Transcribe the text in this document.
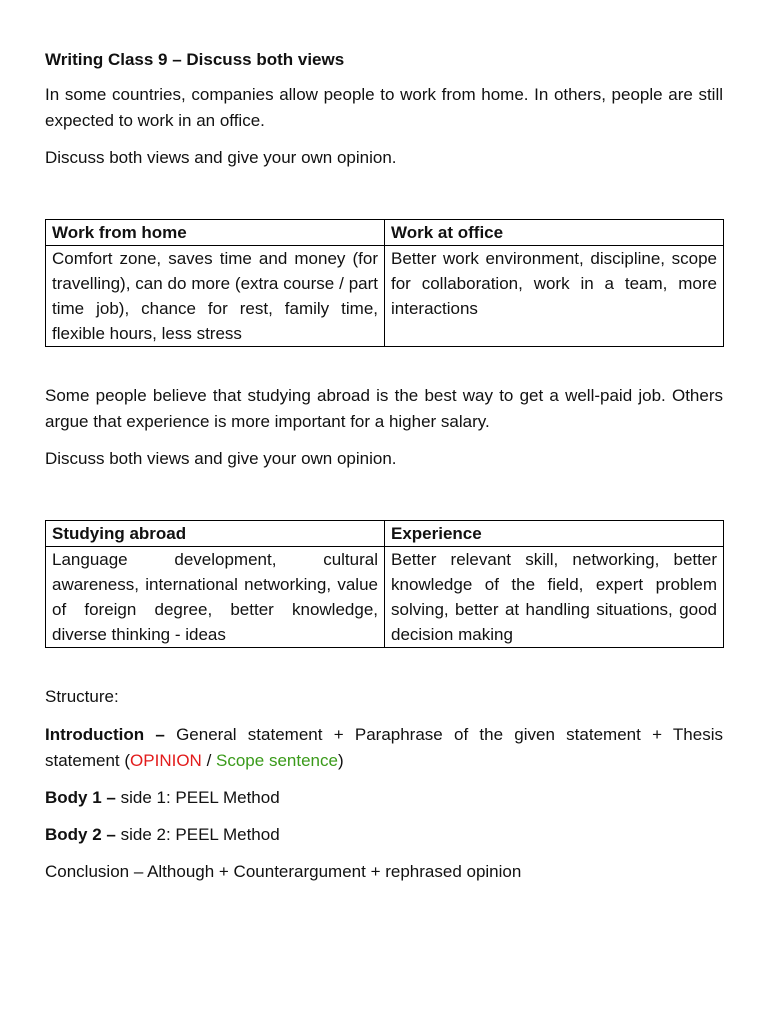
Writing Class 9 – Discuss both views

In some countries, companies allow people to work from home. In others, people are still expected to work in an office.

Discuss both views and give your own opinion.

Work from home	Work at office
Comfort zone, saves time and money (for travelling), can do more (extra course / part time job), chance for rest, family time, flexible hours, less stress	Better work environment, discipline, scope for collaboration, work in a team, more interactions

Some people believe that studying abroad is the best way to get a well-paid job. Others argue that experience is more important for a higher salary.

Discuss both views and give your own opinion.

Studying abroad	Experience
Language development, cultural awareness, international networking, value of foreign degree, better knowledge, diverse thinking - ideas	Better relevant skill, networking, better knowledge of the field, expert problem solving, better at handling situations, good decision making

Structure:

Introduction – General statement + Paraphrase of the given statement + Thesis statement (OPINION / Scope sentence)

Body 1 – side 1: PEEL Method

Body 2 – side 2: PEEL Method

Conclusion – Although + Counterargument + rephrased opinion
